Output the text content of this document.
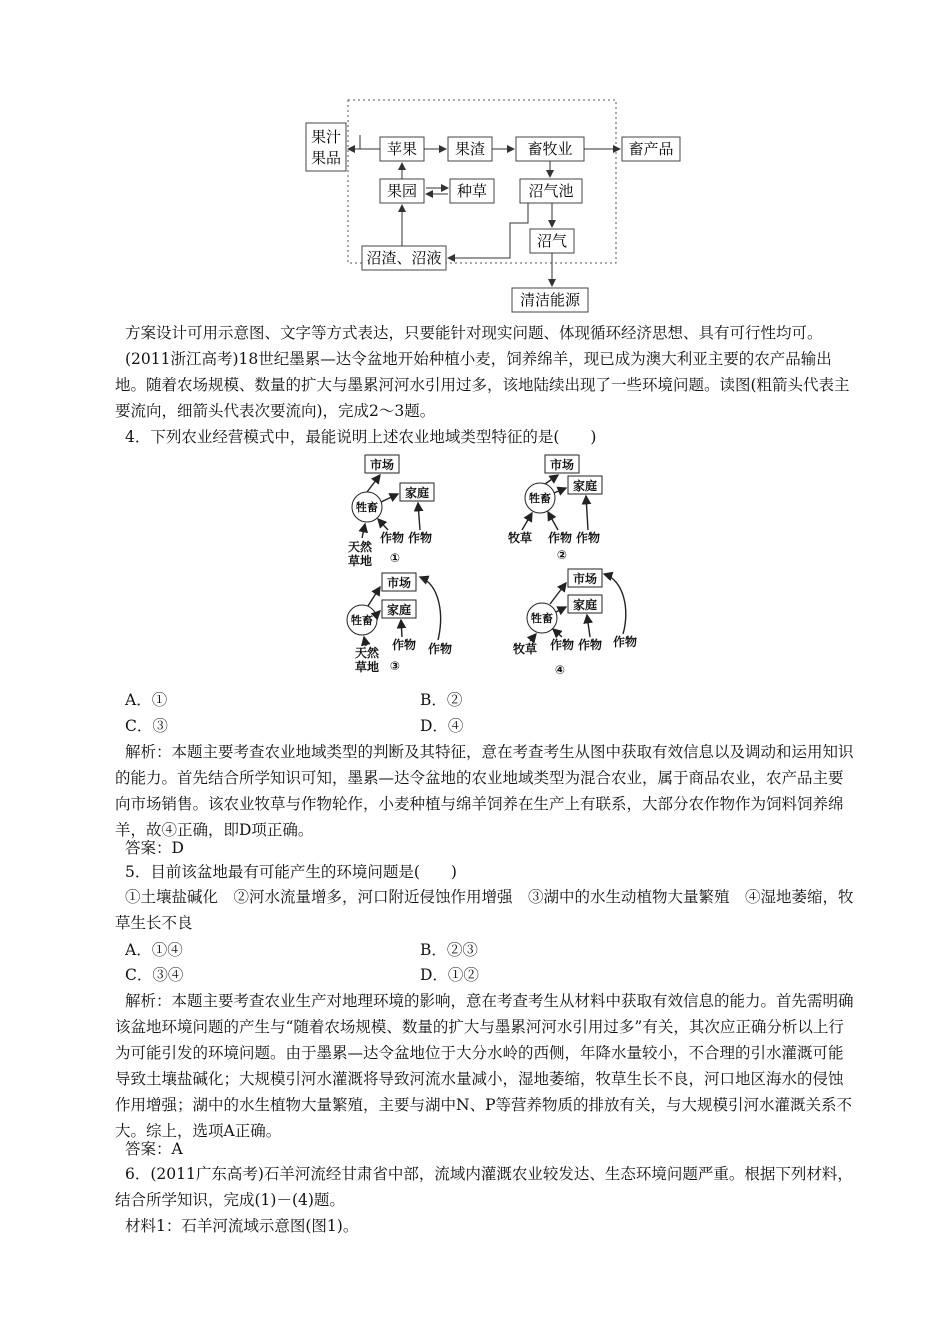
果汁
果品	苹果	果渣	畜牧业	畜产品
果园	种草	沼气池
沼气
沼渣、沼液
清洁能源

方案设计可用示意图、文字等方式表达，只要能针对现实问题、体现循环经济思想、具有可行性均可。

(2011浙江高考)18世纪墨累—达令盆地开始种植小麦，饲养绵羊，现已成为澳大利亚主要的农产品输出地。随着农场规模、数量的扩大与墨累河河水引用过多，该地陆续出现了一些环境问题。读图(粗箭头代表主要流向，细箭头代表次要流向)，完成2～3题。

4．下列农业经营模式中，最能说明上述农业地域类型特征的是(　　)

市场
家庭
牲畜
天然
草地
作物 作物
①
市场
家庭
牲畜
牧草 作物 作物
②
市场
家庭
牲畜
天然
草地
作物 作物
③
市场
家庭
牲畜
牧草 作物 作物 作物
④
A．①	B．②
C．③	D．④

解析：本题主要考查农业地域类型的判断及其特征，意在考查考生从图中获取有效信息以及调动和运用知识的能力。首先结合所学知识可知，墨累—达令盆地的农业地域类型为混合农业，属于商品农业，农产品主要向市场销售。该农业牧草与作物轮作，小麦种植与绵羊饲养在生产上有联系，大部分农作物作为饲料饲养绵羊，故④正确，即D项正确。

答案：D

5．目前该盆地最有可能产生的环境问题是(　　)

①土壤盐碱化　②河水流量增多，河口附近侵蚀作用增强　③湖中的水生动植物大量繁殖　④湿地萎缩，牧草生长不良

A．①④	B．②③
C．③④	D．①②

解析：本题主要考查农业生产对地理环境的影响，意在考查考生从材料中获取有效信息的能力。首先需明确该盆地环境问题的产生与“随着农场规模、数量的扩大与墨累河河水引用过多”有关，其次应正确分析以上行为可能引发的环境问题。由于墨累—达令盆地位于大分水岭的西侧，年降水量较小，不合理的引水灌溉可能导致土壤盐碱化；大规模引河水灌溉将导致河流水量减小，湿地萎缩，牧草生长不良，河口地区海水的侵蚀作用增强；湖中的水生植物大量繁殖，主要与湖中N、P等营养物质的排放有关，与大规模引河水灌溉关系不大。综上，选项A正确。

答案：A

6．(2011广东高考)石羊河流经甘肃省中部，流域内灌溉农业较发达、生态环境问题严重。根据下列材料，结合所学知识，完成(1)－(4)题。

材料1：石羊河流域示意图(图1)。
